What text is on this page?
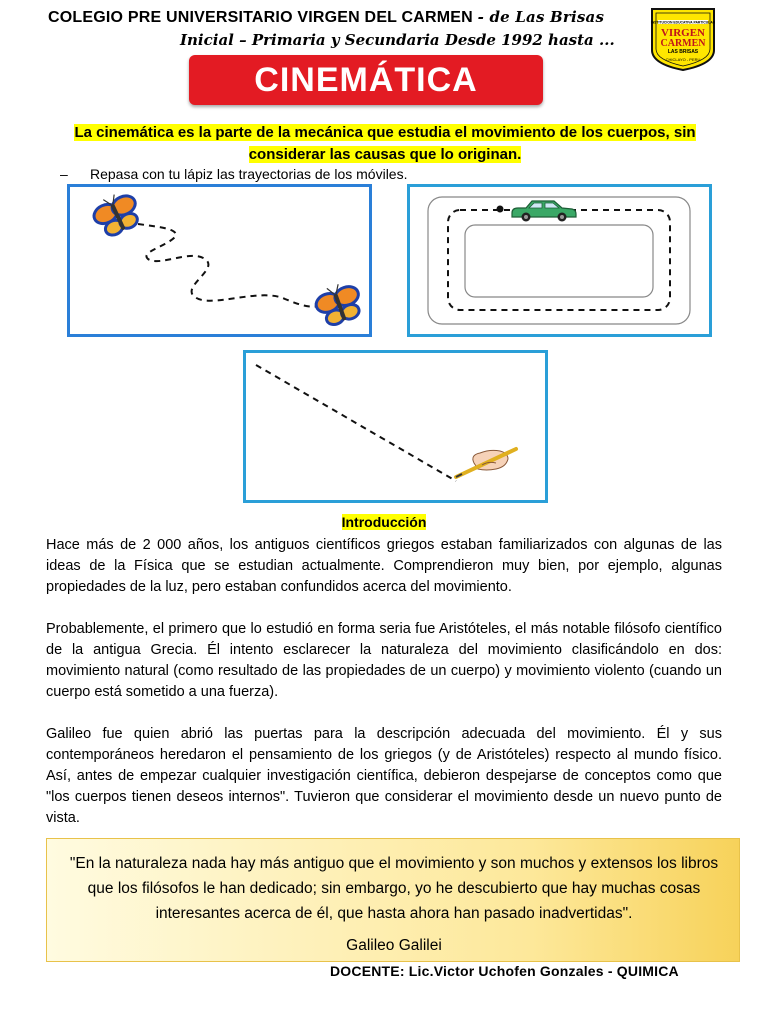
COLEGIO PRE UNIVERSITARIO VIRGEN DEL CARMEN - de Las Brisas
Inicial – Primaria y Secundaria Desde 1992 hasta ...
INSTITUCION EDUCATIVA PARTICULAR
VIRGEN
CARMEN
LAS BRISAS
CHICLAYO - PERU
CINEMÁTICA
La cinemática es la parte de la mecánica que estudia el movimiento de los cuerpos, sin considerar las causas que lo originan.
– Repasa con tu lápiz las trayectorias de los móviles.
Introducción
Hace más de 2 000 años, los antiguos científicos griegos estaban familiarizados con algunas de las ideas de la Física que se estudian actualmente. Comprendieron muy bien, por ejemplo, algunas propiedades de la luz, pero estaban confundidos acerca del movimiento.
Probablemente, el primero que lo estudió en forma seria fue Aristóteles, el más notable filósofo científico de la antigua Grecia. Él intento esclarecer la naturaleza del movimiento clasificándolo en dos: movimiento natural (como resultado de las propiedades de un cuerpo) y movimiento violento (cuando un cuerpo está sometido a una fuerza).
Galileo fue quien abrió las puertas para la descripción adecuada del movimiento. Él y sus contemporáneos heredaron el pensamiento de los griegos (y de Aristóteles) respecto al mundo físico. Así, antes de empezar cualquier investigación científica, debieron despejarse de conceptos como que "los cuerpos tienen deseos internos". Tuvieron que considerar el movimiento desde un nuevo punto de vista.
"En la naturaleza nada hay más antiguo que el movimiento y son muchos y extensos los libros que los filósofos le han dedicado; sin embargo, yo he descubierto que hay muchas cosas interesantes acerca de él, que hasta ahora han pasado inadvertidas".
Galileo Galilei
DOCENTE: Lic.Victor Uchofen Gonzales - QUIMICA
